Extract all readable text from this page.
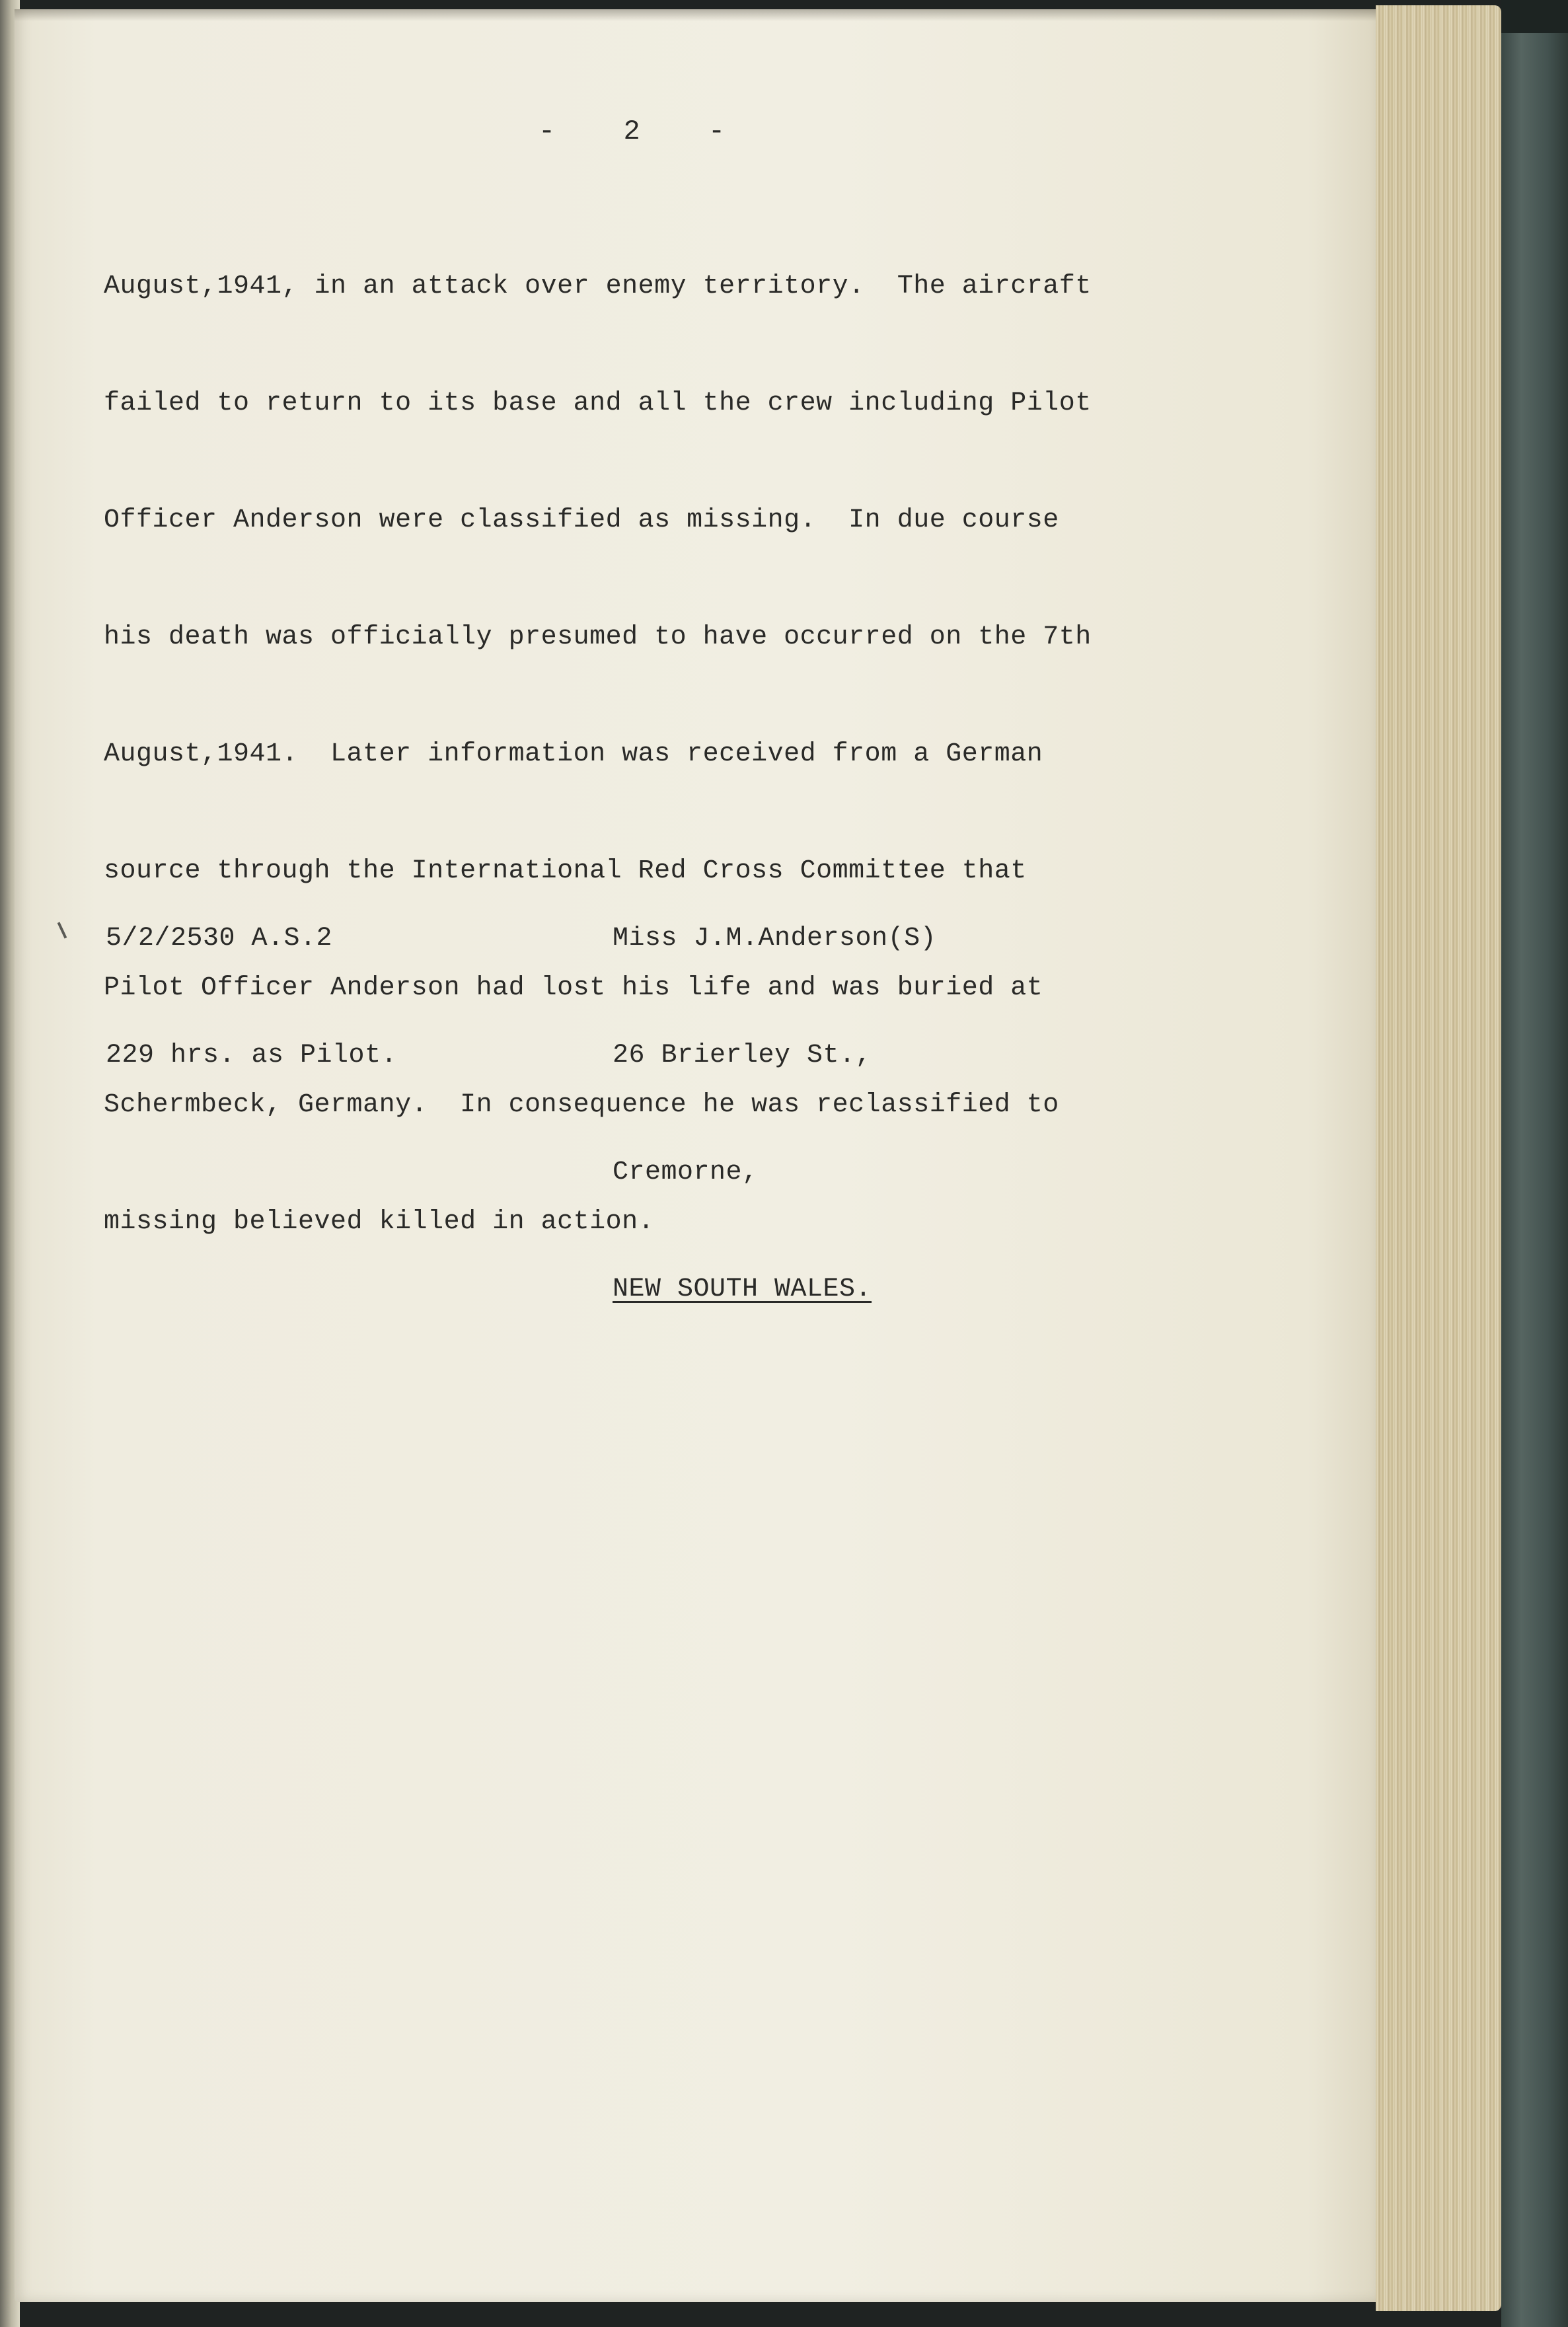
-    2    -

August,1941, in an attack over enemy territory.  The aircraft

failed to return to its base and all the crew including Pilot

Officer Anderson were classified as missing.  In due course

his death was officially presumed to have occurred on the 7th

August,1941.  Later information was received from a German

source through the International Red Cross Committee that

Pilot Officer Anderson had lost his life and was buried at

Schermbeck, Germany.  In consequence he was reclassified to

missing believed killed in action.

5/2/2530 A.S.2

229 hrs. as Pilot.

Miss J.M.Anderson(S)

26 Brierley St.,

Cremorne,

NEW SOUTH WALES.
